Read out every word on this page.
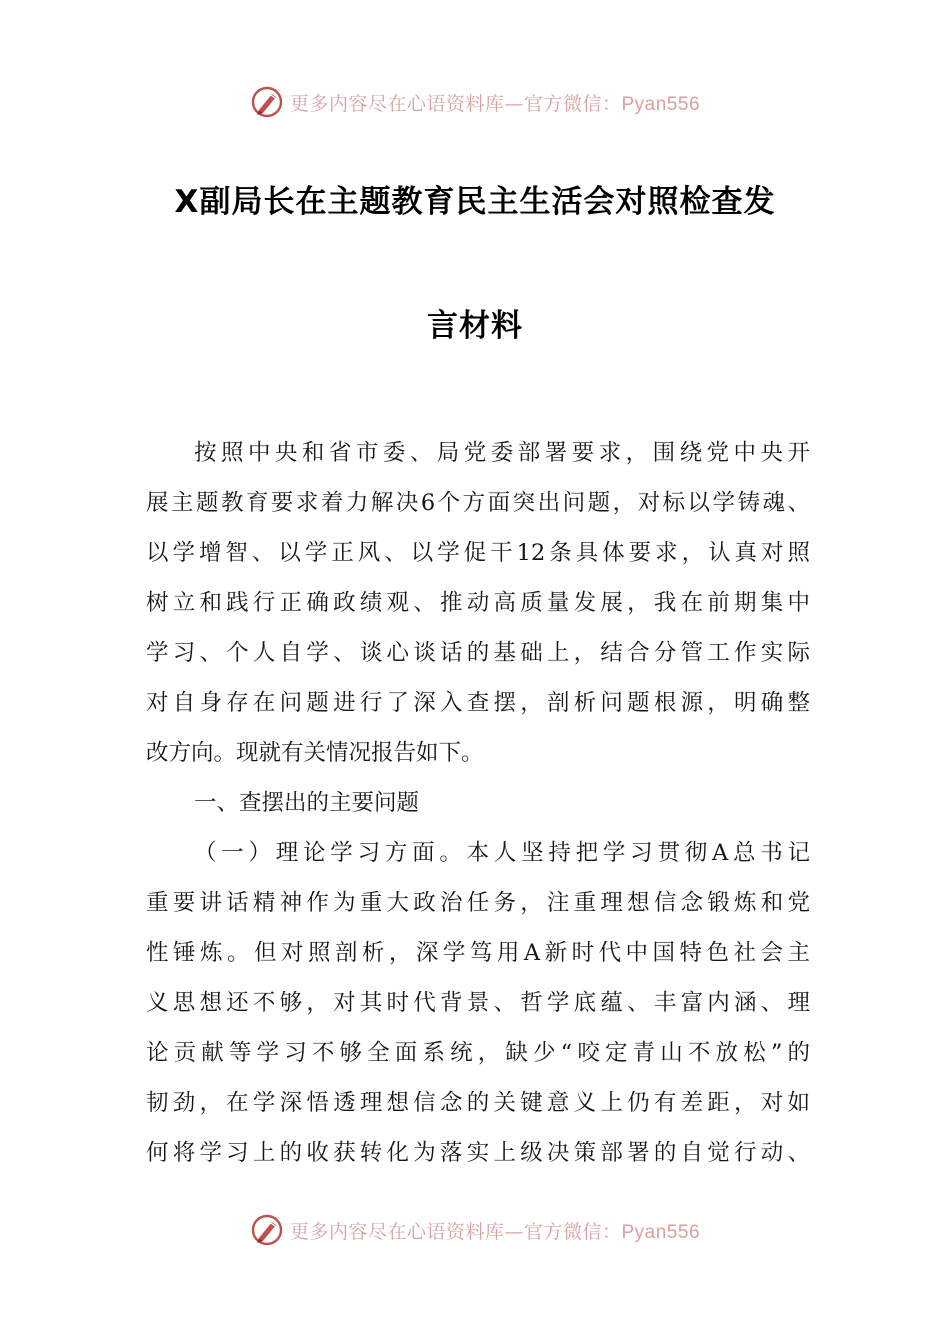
更多内容尽在心语资料库—官方微信：Pyan556
X副局长在主题教育民主生活会对照检查发
言材料
按照中央和省市委、局党委部署要求，围绕党中央开
展主题教育要求着力解决6个方面突出问题，对标以学铸魂、
以学增智、以学正风、以学促干12条具体要求，认真对照
树立和践行正确政绩观、推动高质量发展，我在前期集中
学习、个人自学、谈心谈话的基础上，结合分管工作实际
对自身存在问题进行了深入查摆，剖析问题根源，明确整
改方向。现就有关情况报告如下。
一、查摆出的主要问题
（一）理论学习方面。本人坚持把学习贯彻A总书记
重要讲话精神作为重大政治任务，注重理想信念锻炼和党
性锤炼。但对照剖析，深学笃用A新时代中国特色社会主
义思想还不够，对其时代背景、哲学底蕴、丰富内涵、理
论贡献等学习不够全面系统，缺少“咬定青山不放松”的
韧劲，在学深悟透理想信念的关键意义上仍有差距，对如
何将学习上的收获转化为落实上级决策部署的自觉行动、
更多内容尽在心语资料库—官方微信：Pyan556
